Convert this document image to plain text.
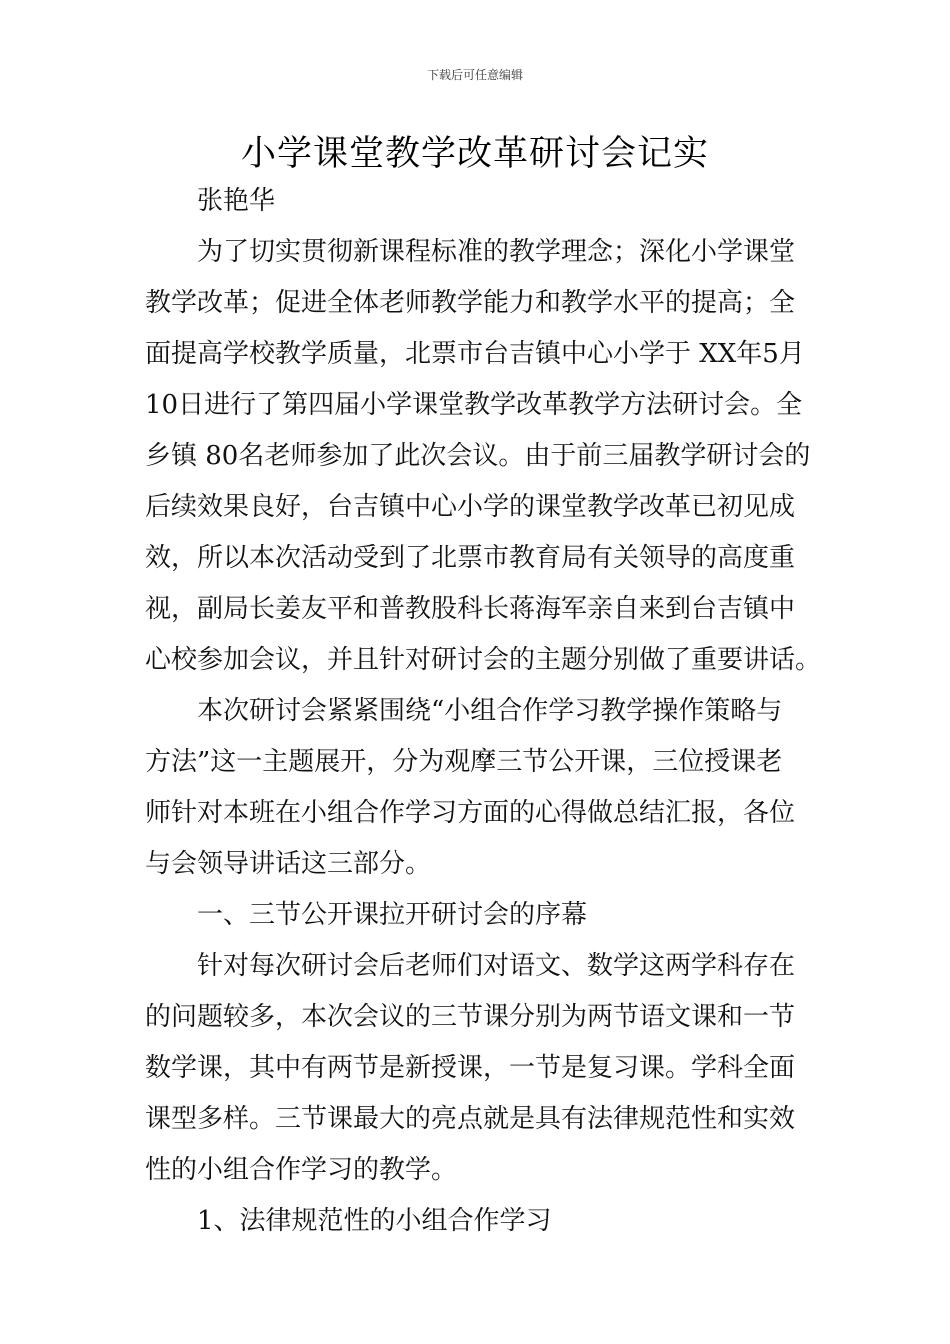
下载后可任意编辑
小学课堂教学改革研讨会记实
张艳华
为了切实贯彻新课程标准的教学理念；深化小学课堂
教学改革；促进全体老师教学能力和教学水平的提高；全
面提高学校教学质量，北票市台吉镇中心小学于 XX年5月
10日进行了第四届小学课堂教学改革教学方法研讨会。全
乡镇 80名老师参加了此次会议。由于前三届教学研讨会的
后续效果良好，台吉镇中心小学的课堂教学改革已初见成
效，所以本次活动受到了北票市教育局有关领导的高度重
视，副局长姜友平和普教股科长蒋海军亲自来到台吉镇中
心校参加会议，并且针对研讨会的主题分别做了重要讲话。
本次研讨会紧紧围绕“小组合作学习教学操作策略与
方法”这一主题展开，分为观摩三节公开课，三位授课老
师针对本班在小组合作学习方面的心得做总结汇报，各位
与会领导讲话这三部分。
一、三节公开课拉开研讨会的序幕
针对每次研讨会后老师们对语文、数学这两学科存在
的问题较多，本次会议的三节课分别为两节语文课和一节
数学课，其中有两节是新授课，一节是复习课。学科全面
课型多样。三节课最大的亮点就是具有法律规范性和实效
性的小组合作学习的教学。
1、法律规范性的小组合作学习
